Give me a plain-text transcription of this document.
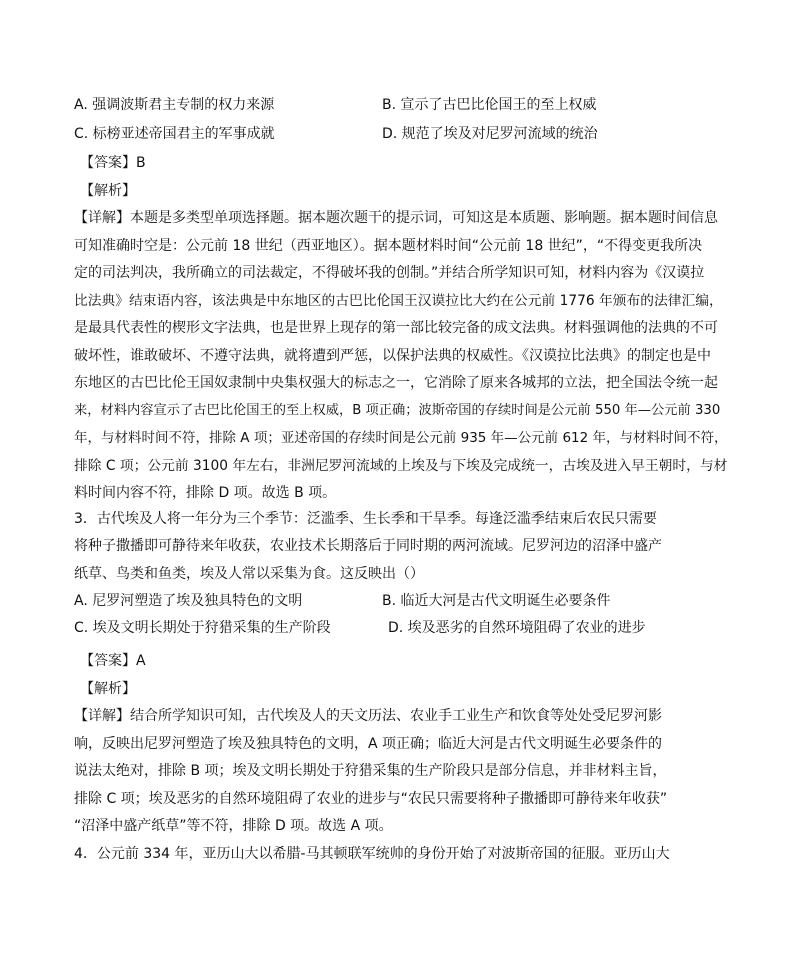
A. 强调波斯君主专制的权力来源	B. 宣示了古巴比伦国王的至上权威
C. 标榜亚述帝国君主的军事成就	D. 规范了埃及对尼罗河流域的统治
【答案】B
【解析】
【详解】本题是多类型单项选择题。据本题次题干的提示词，可知这是本质题、影响题。据本题时间信息
可知准确时空是：公元前 18 世纪（西亚地区）。据本题材料时间“公元前 18 世纪”，“不得变更我所决
定的司法判决，我所确立的司法裁定，不得破坏我的创制。”并结合所学知识可知，材料内容为《汉谟拉
比法典》结束语内容，该法典是中东地区的古巴比伦国王汉谟拉比大约在公元前 1776 年颁布的法律汇编，
是最具代表性的楔形文字法典，也是世界上现存的第一部比较完备的成文法典。材料强调他的法典的不可
破坏性，谁敢破坏、不遵守法典，就将遭到严惩，以保护法典的权威性。《汉谟拉比法典》的制定也是中
东地区的古巴比伦王国奴隶制中央集权强大的标志之一，它消除了原来各城邦的立法，把全国法令统一起
来，材料内容宣示了古巴比伦国王的至上权威，B 项正确；波斯帝国的存续时间是公元前 550 年—公元前 330
年，与材料时间不符，排除 A 项；亚述帝国的存续时间是公元前 935 年—公元前 612 年，与材料时间不符，
排除 C 项；公元前 3100 年左右，非洲尼罗河流域的上埃及与下埃及完成统一，古埃及进入早王朝时，与材
料时间内容不符，排除 D 项。故选 B 项。
3．古代埃及人将一年分为三个季节：泛滥季、生长季和干旱季。每逢泛滥季结束后农民只需要
将种子撒播即可静待来年收获，农业技术长期落后于同时期的两河流域。尼罗河边的沼泽中盛产
纸草、鸟类和鱼类，埃及人常以采集为食。这反映出（）
A. 尼罗河塑造了埃及独具特色的文明	B. 临近大河是古代文明诞生必要条件
C. 埃及文明长期处于狩猎采集的生产阶段	D. 埃及恶劣的自然环境阻碍了农业的进步
【答案】A
【解析】
【详解】结合所学知识可知，古代埃及人的天文历法、农业手工业生产和饮食等处处受尼罗河影
响，反映出尼罗河塑造了埃及独具特色的文明，A 项正确；临近大河是古代文明诞生必要条件的
说法太绝对，排除 B 项；埃及文明长期处于狩猎采集的生产阶段只是部分信息，并非材料主旨，
排除 C 项；埃及恶劣的自然环境阻碍了农业的进步与“农民只需要将种子撒播即可静待来年收获”
“沼泽中盛产纸草”等不符，排除 D 项。故选 A 项。
4．公元前 334 年，亚历山大以希腊-马其顿联军统帅的身份开始了对波斯帝国的征服。亚历山大
